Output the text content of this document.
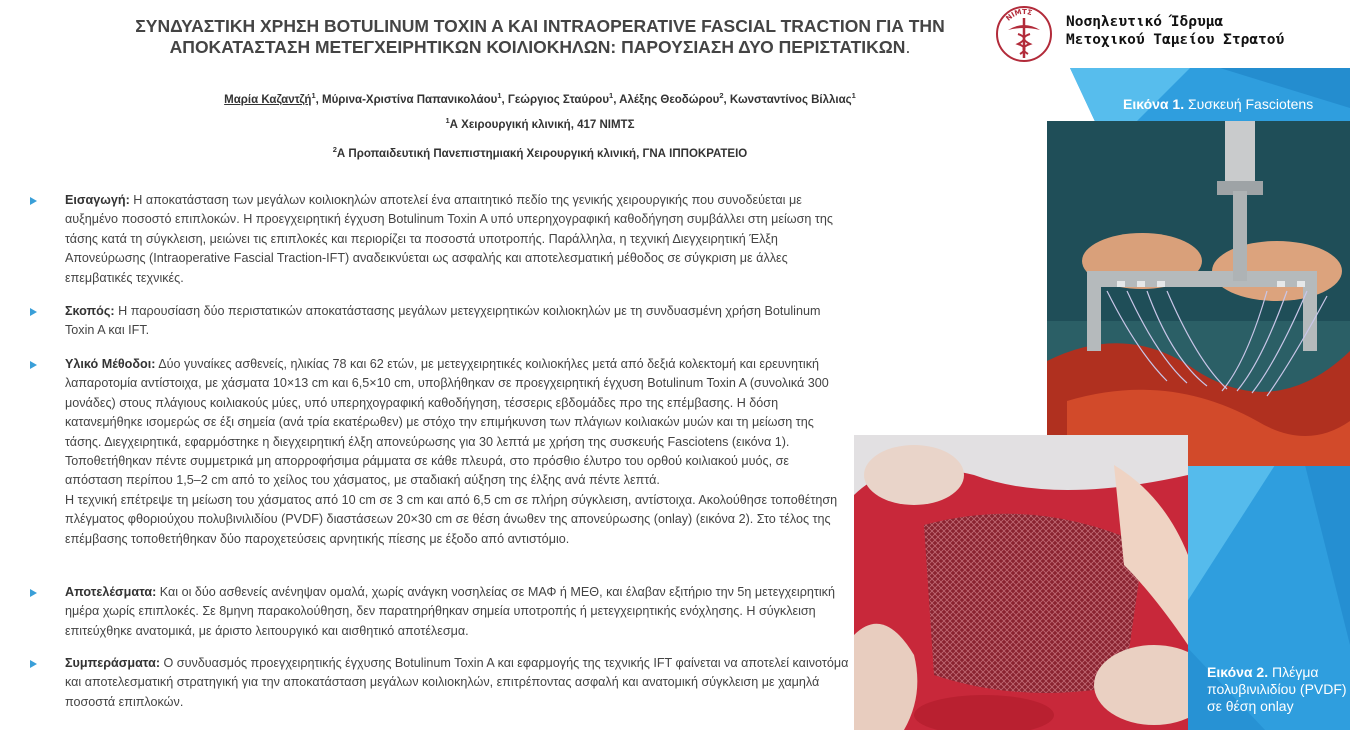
ΣΥΝΔΥΑΣΤΙΚΗ ΧΡΗΣΗ BOTULINUM TOXIN A ΚΑΙ INTRAOPERATIVE FASCIAL TRACTION ΓΙΑ ΤΗΝ
ΑΠΟΚΑΤΑΣΤΑΣΗ ΜΕΤΕΓΧΕΙΡΗΤΙΚΩΝ ΚΟΙΛΙΟΚΗΛΩΝ: ΠΑΡΟΥΣΙΑΣΗ ΔΥΟ ΠΕΡΙΣΤΑΤΙΚΩΝ.
Μαρία Καζαντζή$^1$, Μύρινα-Χριστίνα Παπανικολάου$^1$, Γεώργιος Σταύρου$^1$, Αλέξης Θεοδώρου$^2$, Κωνσταντίνος Βίλλιας$^1$
$^1$Α Χειρουργική κλινική, 417 ΝΙΜΤΣ
$^2$Α Προπαιδευτική Πανεπιστημιακή Χειρουργική κλινική, ΓΝΑ ΙΠΠΟΚΡΑΤΕΙΟ
ΝΙΜΤΣ
Νοσηλευτικό Ίδρυμα
Μετοχικού Ταμείου Στρατού
Εικόνα 1. Συσκευή Fasciotens
Εικόνα 2. Πλέγμα πολυβινιλιδίου (PVDF) σε θέση onlay

Εισαγωγή: Η αποκατάσταση των μεγάλων κοιλιοκηλών αποτελεί ένα απαιτητικό πεδίο της γενικής χειρουργικής που συνοδεύεται με αυξημένο ποσοστό επιπλοκών. Η προεγχειρητική έγχυση Botulinum Toxin A υπό υπερηχογραφική καθοδήγηση συμβάλλει στη μείωση της τάσης κατά τη σύγκλειση, μειώνει τις επιπλοκές και περιορίζει τα ποσοστά υποτροπής. Παράλληλα, η τεχνική Διεγχειρητική Έλξη Απονεύρωσης (Intraoperative Fascial Traction-IFT) αναδεικνύεται ως ασφαλής και αποτελεσματική μέθοδος σε σύγκριση με άλλες επεμβατικές τεχνικές.

Σκοπός: Η παρουσίαση δύο περιστατικών αποκατάστασης μεγάλων μετεγχειρητικών κοιλιοκηλών με τη συνδυασμένη χρήση Botulinum Toxin A και IFT.

Υλικό Μέθοδοι: Δύο γυναίκες ασθενείς, ηλικίας 78 και 62 ετών, με μετεγχειρητικές κοιλιοκήλες μετά από δεξιά κολεκτομή και ερευνητική λαπαροτομία αντίστοιχα, με χάσματα 10×13 cm και 6,5×10 cm, υποβλήθηκαν σε προεγχειρητική έγχυση Botulinum Toxin A (συνολικά 300 μονάδες) στους πλάγιους κοιλιακούς μύες, υπό υπερηχογραφική καθοδήγηση, τέσσερις εβδομάδες προ της επέμβασης. Η δόση κατανεμήθηκε ισομερώς σε έξι σημεία (ανά τρία εκατέρωθεν) με στόχο την επιμήκυνση των πλάγιων κοιλιακών μυών και τη μείωση της τάσης. Διεγχειρητικά, εφαρμόστηκε η διεγχειρητική έλξη απονεύρωσης για 30 λεπτά με χρήση της συσκευής Fasciotens (εικόνα 1).

Τοποθετήθηκαν πέντε συμμετρικά μη απορροφήσιμα ράμματα σε κάθε πλευρά, στο πρόσθιο έλυτρο του ορθού κοιλιακού μυός, σε απόσταση περίπου 1,5–2 cm από το χείλος του χάσματος, με σταδιακή αύξηση της έλξης ανά πέντε λεπτά.

Η τεχνική επέτρεψε τη μείωση του χάσματος από 10 cm σε 3 cm και από 6,5 cm σε πλήρη σύγκλειση, αντίστοιχα. Ακολούθησε τοποθέτηση πλέγματος φθοριούχου πολυβινιλιδίου (PVDF) διαστάσεων 20×30 cm σε θέση άνωθεν της απονεύρωσης (onlay) (εικόνα 2). Στο τέλος της επέμβασης τοποθετήθηκαν δύο παροχετεύσεις αρνητικής πίεσης με έξοδο από αντιστόμιο.

Αποτελέσματα: Και οι δύο ασθενείς ανένηψαν ομαλά, χωρίς ανάγκη νοσηλείας σε ΜΑΦ ή ΜΕΘ, και έλαβαν εξιτήριο την 5η μετεγχειρητική ημέρα χωρίς επιπλοκές. Σε 8μηνη παρακολούθηση, δεν παρατηρήθηκαν σημεία υποτροπής ή μετεγχειρητικής ενόχλησης. Η σύγκλειση επιτεύχθηκε ανατομικά, με άριστο λειτουργικό και αισθητικό αποτέλεσμα.

Συμπεράσματα: Ο συνδυασμός προεγχειρητικής έγχυσης Botulinum Toxin A και εφαρμογής της τεχνικής IFT φαίνεται να αποτελεί καινοτόμα και αποτελεσματική στρατηγική για την αποκατάσταση μεγάλων κοιλιοκηλών, επιτρέποντας ασφαλή και ανατομική σύγκλειση με χαμηλά ποσοστά επιπλοκών.
